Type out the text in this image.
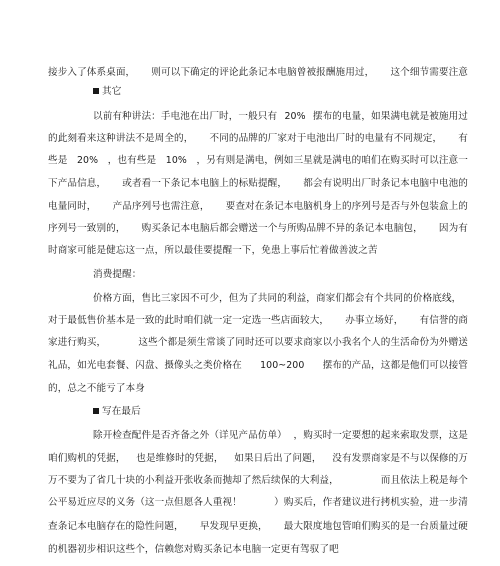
接步入了体系桌面， 则可以下确定的评论此条记本电脑曾被报酬施用过， 这个细节需要注意
其它
以前有种讲法：手电池在出厂时，一般只有 20% 摆布的电量，如果满电就是被施用过
的此刻看来这种讲法不是周全的， 不同的品牌的厂家对于电池出厂时的电量有不同规定， 有
些是 20% ，也有些是 10% ，另有则是满电，例如三星就是满电的咱们在购买时可以注意一
下产品信息， 或者看一下条记本电脑上的标贴提醒， 都会有说明出厂时条记本电脑中电池的
电量同时， 产品序列号也需注意， 要查对在条记本电脑机身上的序列号是否与外包装盒上的
序列号一致别的， 购买条记本电脑后都会赠送一个与所购品牌不异的条记本电脑包， 因为有
时商家可能是健忘这一点，所以最佳要提醒一下，免患上事后忙着做善波之苦
消费提醒：
价格方面，售比三家因不可少，但为了共同的利益，商家们都会有个共同的价格底线，
对于最低售价基本是一致的此时咱们就一定一定选一些店面较大， 办事立场好， 有信誉的商
家进行购买，	这些个都是须生常谈了同时还可以要求商家以小我名个人的生活命份为外赠送
礼品，如光电套餐、闪盘、摄像头之类价格在 100~200 摆布的产品，这都是他们可以接管
的，总之不能亏了本身
写在最后
除开检查配件是否齐备之外（详见产品仿单） ，购买时一定要想的起来索取发票，这是
咱们购机的凭据， 也是维修时的凭据， 如果日后出了问题， 没有发票商家是不与以保修的万
万不要为了省几十块的小利益开张收条而抛却了然后续保的大利益，	而且依法上税是每个
公平易近应尽的义务（这一点但愿各人重视！	）购买后，作者建议进行拷机实验，进一步清
查条记本电脑存在的隐性问题， 早发现早更换， 最大限度地包管咱们购买的是一台质量过硬
的机器初步相识这些个，信赖您对购买条记本电脑一定更有驾驭了吧
